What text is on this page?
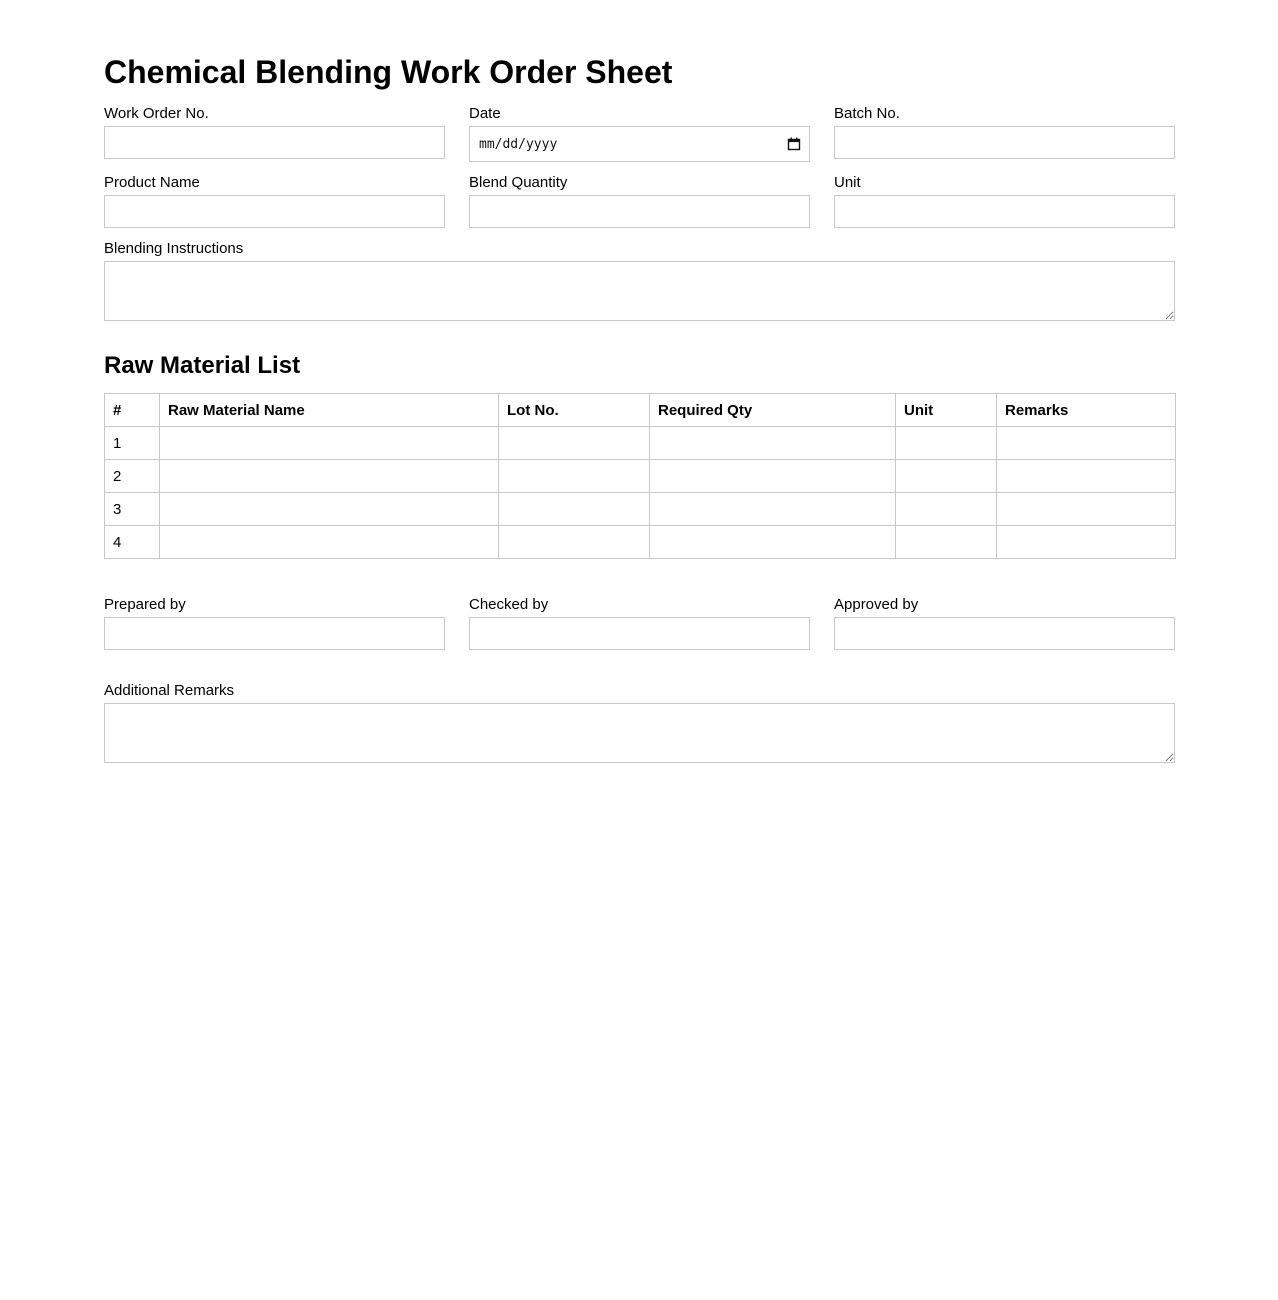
Chemical Blending Work Order Sheet
Work Order No.	Date
mm/dd/yyyy
Batch No.
Product Name	Blend Quantity	Unit
Blending Instructions
Raw Material List
#	Raw Material Name	Lot No.	Required Qty	Unit	Remarks
1					
2					
3					
4					
Prepared by	Checked by	Approved by
Additional Remarks
